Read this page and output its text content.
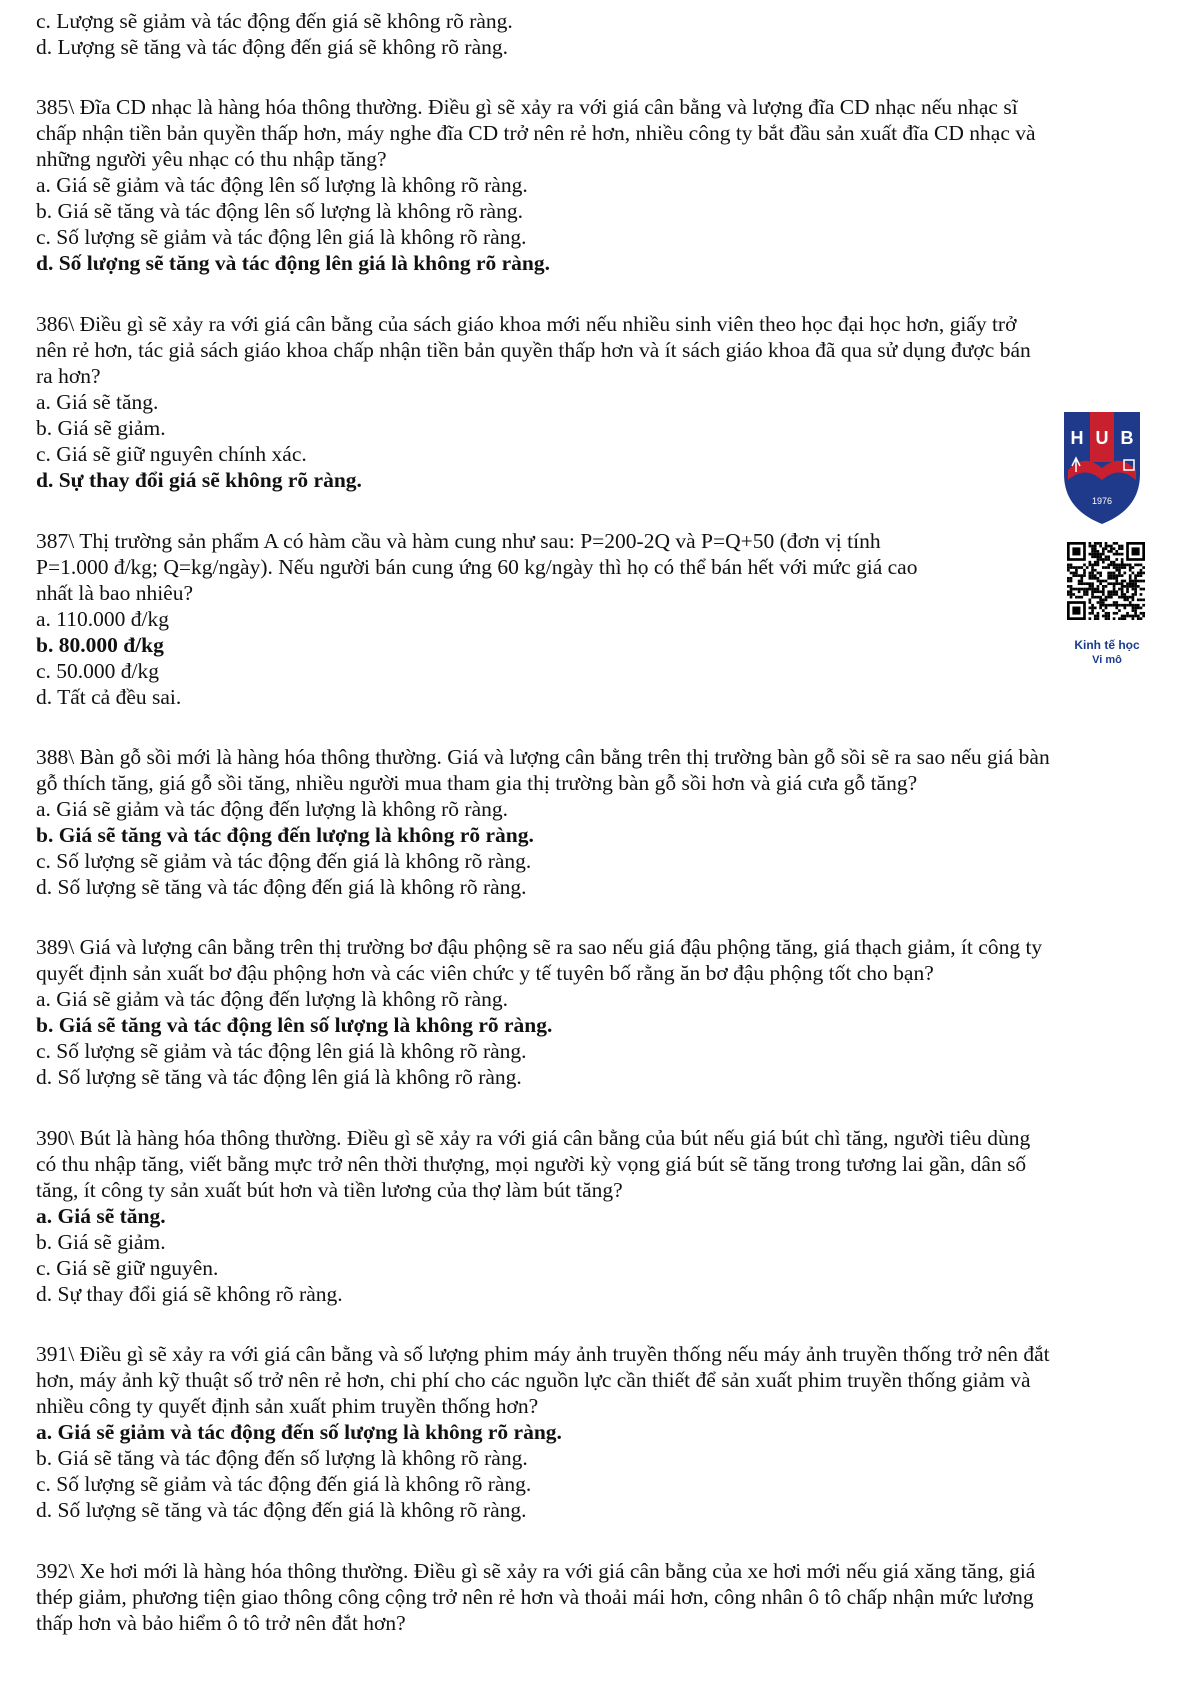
c. Lượng sẽ giảm và tác động đến giá sẽ không rõ ràng.
d. Lượng sẽ tăng và tác động đến giá sẽ không rõ ràng.
385\ Đĩa CD nhạc là hàng hóa thông thường. Điều gì sẽ xảy ra với giá cân bằng và lượng đĩa CD nhạc nếu nhạc sĩ
chấp nhận tiền bản quyền thấp hơn, máy nghe đĩa CD trở nên rẻ hơn, nhiều công ty bắt đầu sản xuất đĩa CD nhạc và
những người yêu nhạc có thu nhập tăng?
a. Giá sẽ giảm và tác động lên số lượng là không rõ ràng.
b. Giá sẽ tăng và tác động lên số lượng là không rõ ràng.
c. Số lượng sẽ giảm và tác động lên giá là không rõ ràng.
d. Số lượng sẽ tăng và tác động lên giá là không rõ ràng.
386\ Điều gì sẽ xảy ra với giá cân bằng của sách giáo khoa mới nếu nhiều sinh viên theo học đại học hơn, giấy trở
nên rẻ hơn, tác giả sách giáo khoa chấp nhận tiền bản quyền thấp hơn và ít sách giáo khoa đã qua sử dụng được bán
ra hơn?
a. Giá sẽ tăng.
b. Giá sẽ giảm.
c. Giá sẽ giữ nguyên chính xác.
d. Sự thay đổi giá sẽ không rõ ràng.
387\ Thị trường sản phẩm A có hàm cầu và hàm cung như sau: P=200-2Q và P=Q+50 (đơn vị tính
P=1.000 đ/kg; Q=kg/ngày). Nếu người bán cung ứng 60 kg/ngày thì họ có thể bán hết với mức giá cao
nhất là bao nhiêu?
a. 110.000 đ/kg
b. 80.000 đ/kg
c. 50.000 đ/kg
d. Tất cả đều sai.
388\ Bàn gỗ sồi mới là hàng hóa thông thường. Giá và lượng cân bằng trên thị trường bàn gỗ sồi sẽ ra sao nếu giá bàn
gỗ thích tăng, giá gỗ sồi tăng, nhiều người mua tham gia thị trường bàn gỗ sồi hơn và giá cưa gỗ tăng?
a. Giá sẽ giảm và tác động đến lượng là không rõ ràng.
b. Giá sẽ tăng và tác động đến lượng là không rõ ràng.
c. Số lượng sẽ giảm và tác động đến giá là không rõ ràng.
d. Số lượng sẽ tăng và tác động đến giá là không rõ ràng.
389\ Giá và lượng cân bằng trên thị trường bơ đậu phộng sẽ ra sao nếu giá đậu phộng tăng, giá thạch giảm, ít công ty
quyết định sản xuất bơ đậu phộng hơn và các viên chức y tế tuyên bố rằng ăn bơ đậu phộng tốt cho bạn?
a. Giá sẽ giảm và tác động đến lượng là không rõ ràng.
b. Giá sẽ tăng và tác động lên số lượng là không rõ ràng.
c. Số lượng sẽ giảm và tác động lên giá là không rõ ràng.
d. Số lượng sẽ tăng và tác động lên giá là không rõ ràng.
390\ Bút là hàng hóa thông thường. Điều gì sẽ xảy ra với giá cân bằng của bút nếu giá bút chì tăng, người tiêu dùng
có thu nhập tăng, viết bằng mực trở nên thời thượng, mọi người kỳ vọng giá bút sẽ tăng trong tương lai gần, dân số
tăng, ít công ty sản xuất bút hơn và tiền lương của thợ làm bút tăng?
a. Giá sẽ tăng.
b. Giá sẽ giảm.
c. Giá sẽ giữ nguyên.
d. Sự thay đổi giá sẽ không rõ ràng.
391\ Điều gì sẽ xảy ra với giá cân bằng và số lượng phim máy ảnh truyền thống nếu máy ảnh truyền thống trở nên đắt
hơn, máy ảnh kỹ thuật số trở nên rẻ hơn, chi phí cho các nguồn lực cần thiết để sản xuất phim truyền thống giảm và
nhiều công ty quyết định sản xuất phim truyền thống hơn?
a. Giá sẽ giảm và tác động đến số lượng là không rõ ràng.
b. Giá sẽ tăng và tác động đến số lượng là không rõ ràng.
c. Số lượng sẽ giảm và tác động đến giá là không rõ ràng.
d. Số lượng sẽ tăng và tác động đến giá là không rõ ràng.
392\ Xe hơi mới là hàng hóa thông thường. Điều gì sẽ xảy ra với giá cân bằng của xe hơi mới nếu giá xăng tăng, giá
thép giảm, phương tiện giao thông công cộng trở nên rẻ hơn và thoải mái hơn, công nhân ô tô chấp nhận mức lương
thấp hơn và bảo hiểm ô tô trở nên đắt hơn?
H U B
1976
Kinh tế học
Vi mô
